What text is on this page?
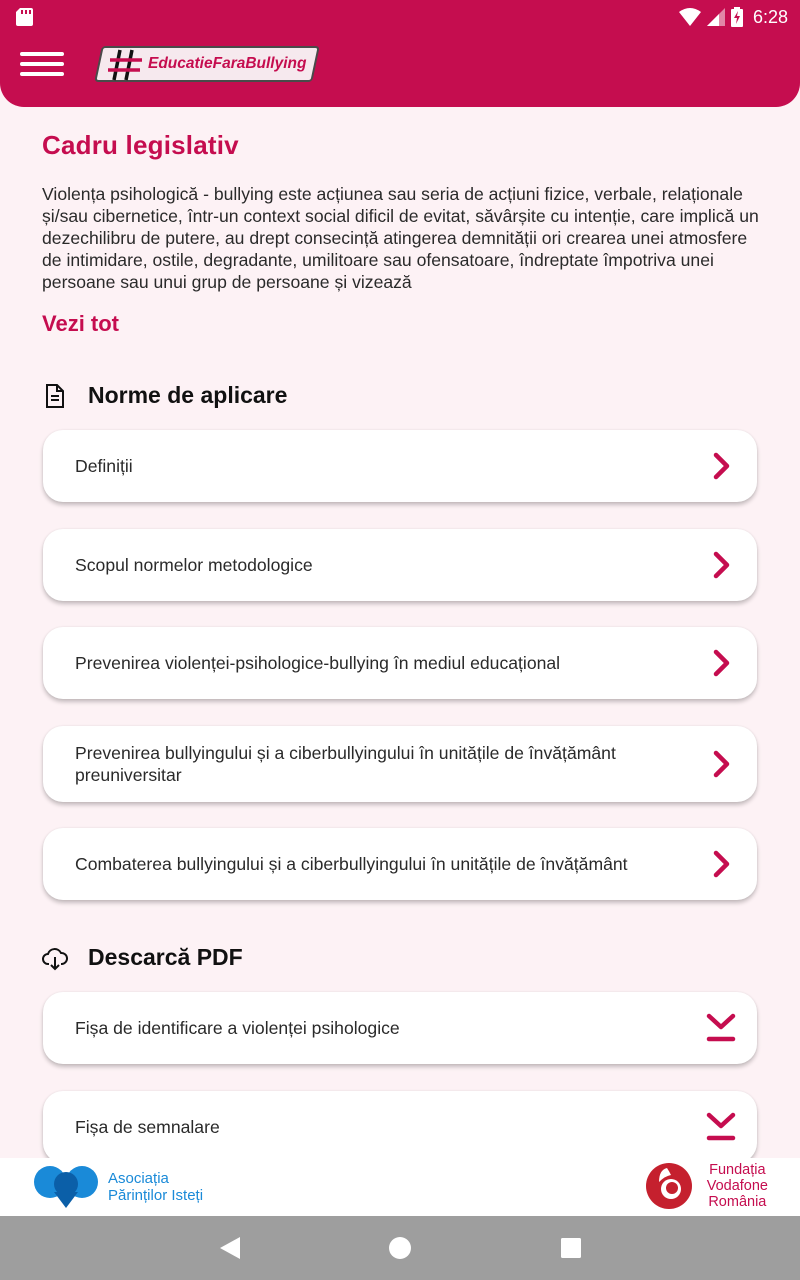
6:28
EducatieFaraBullying
Cadru legislativ

Violența psihologică - bullying este acțiunea sau seria de acțiuni fizice, verbale, relaționale și/sau cibernetice, într-un context social dificil de evitat, săvârșite cu intenție, care implică un dezechilibru de putere, au drept consecință atingerea demnității ori crearea unei atmosfere de intimidare, ostile, degradante, umilitoare sau ofensatoare, îndreptate împotriva unei persoane sau unui grup de persoane și vizează

Vezi tot
Norme de aplicare
Definiții
Scopul normelor metodologice
Prevenirea violenței-psihologice-bullying în mediul educațional
Prevenirea bullyingului și a ciberbullyingului în unitățile de învățământ preuniversitar
Combaterea bullyingului și a ciberbullyingului în unitățile de învățământ
Descarcă PDF
Fișa de identificare a violenței psihologice
Fișa de semnalare
Asociația
Părinților Isteți
Fundația
Vodafone
România
